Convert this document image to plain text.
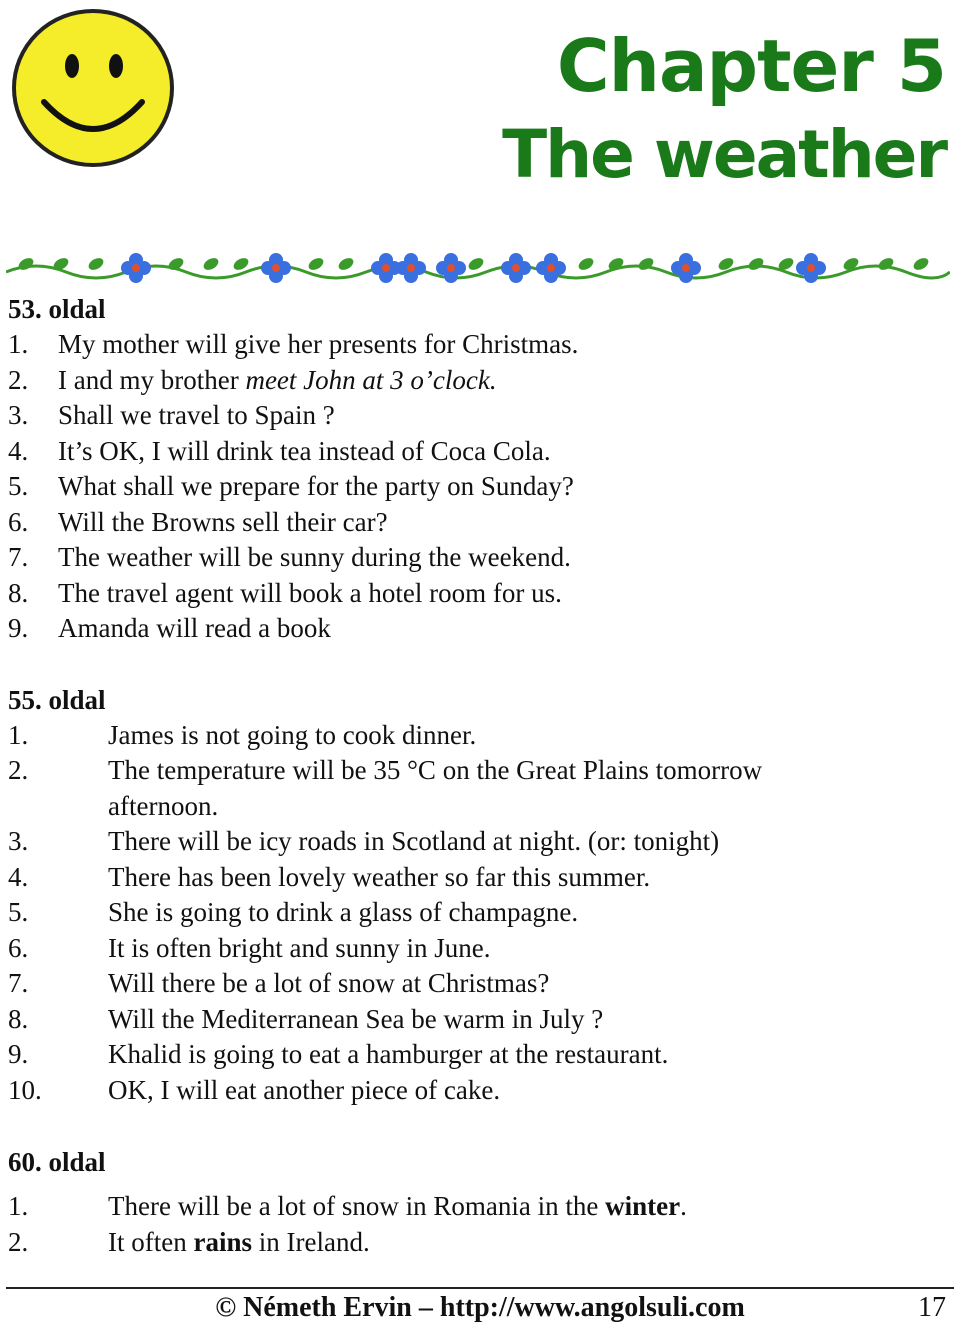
Chapter 5
The weather
53. oldal
1. My mother will give her presents for Christmas.
2. I and my brother meet John at 3 o’clock.
3. Shall we travel to Spain ?
4. It’s OK, I will drink tea instead of Coca Cola.
5. What shall we prepare for the party on Sunday?
6. Will the Browns sell their car?
7. The weather will be sunny during the weekend.
8. The travel agent will book a hotel room for us.
9. Amanda will read a book
55. oldal
1.	James is not going to cook dinner.
2.	The temperature will be 35 °C on the Great Plains tomorrow
afternoon.
3.	There will be icy roads in Scotland at night. (or: tonight)
4.	There has been lovely weather so far this summer.
5.	She is going to drink a glass of champagne.
6.	It is often bright and sunny in June.
7.	Will there be a lot of snow at Christmas?
8.	Will the Mediterranean Sea be warm in July ?
9.	Khalid is going to eat a hamburger at the restaurant.
10. OK, I will eat another piece of cake.
60. oldal
1.	There will be a lot of snow in Romania in the winter.
2.	It often rains in Ireland.
© Németh Ervin – http://www.angolsuli.com	17
